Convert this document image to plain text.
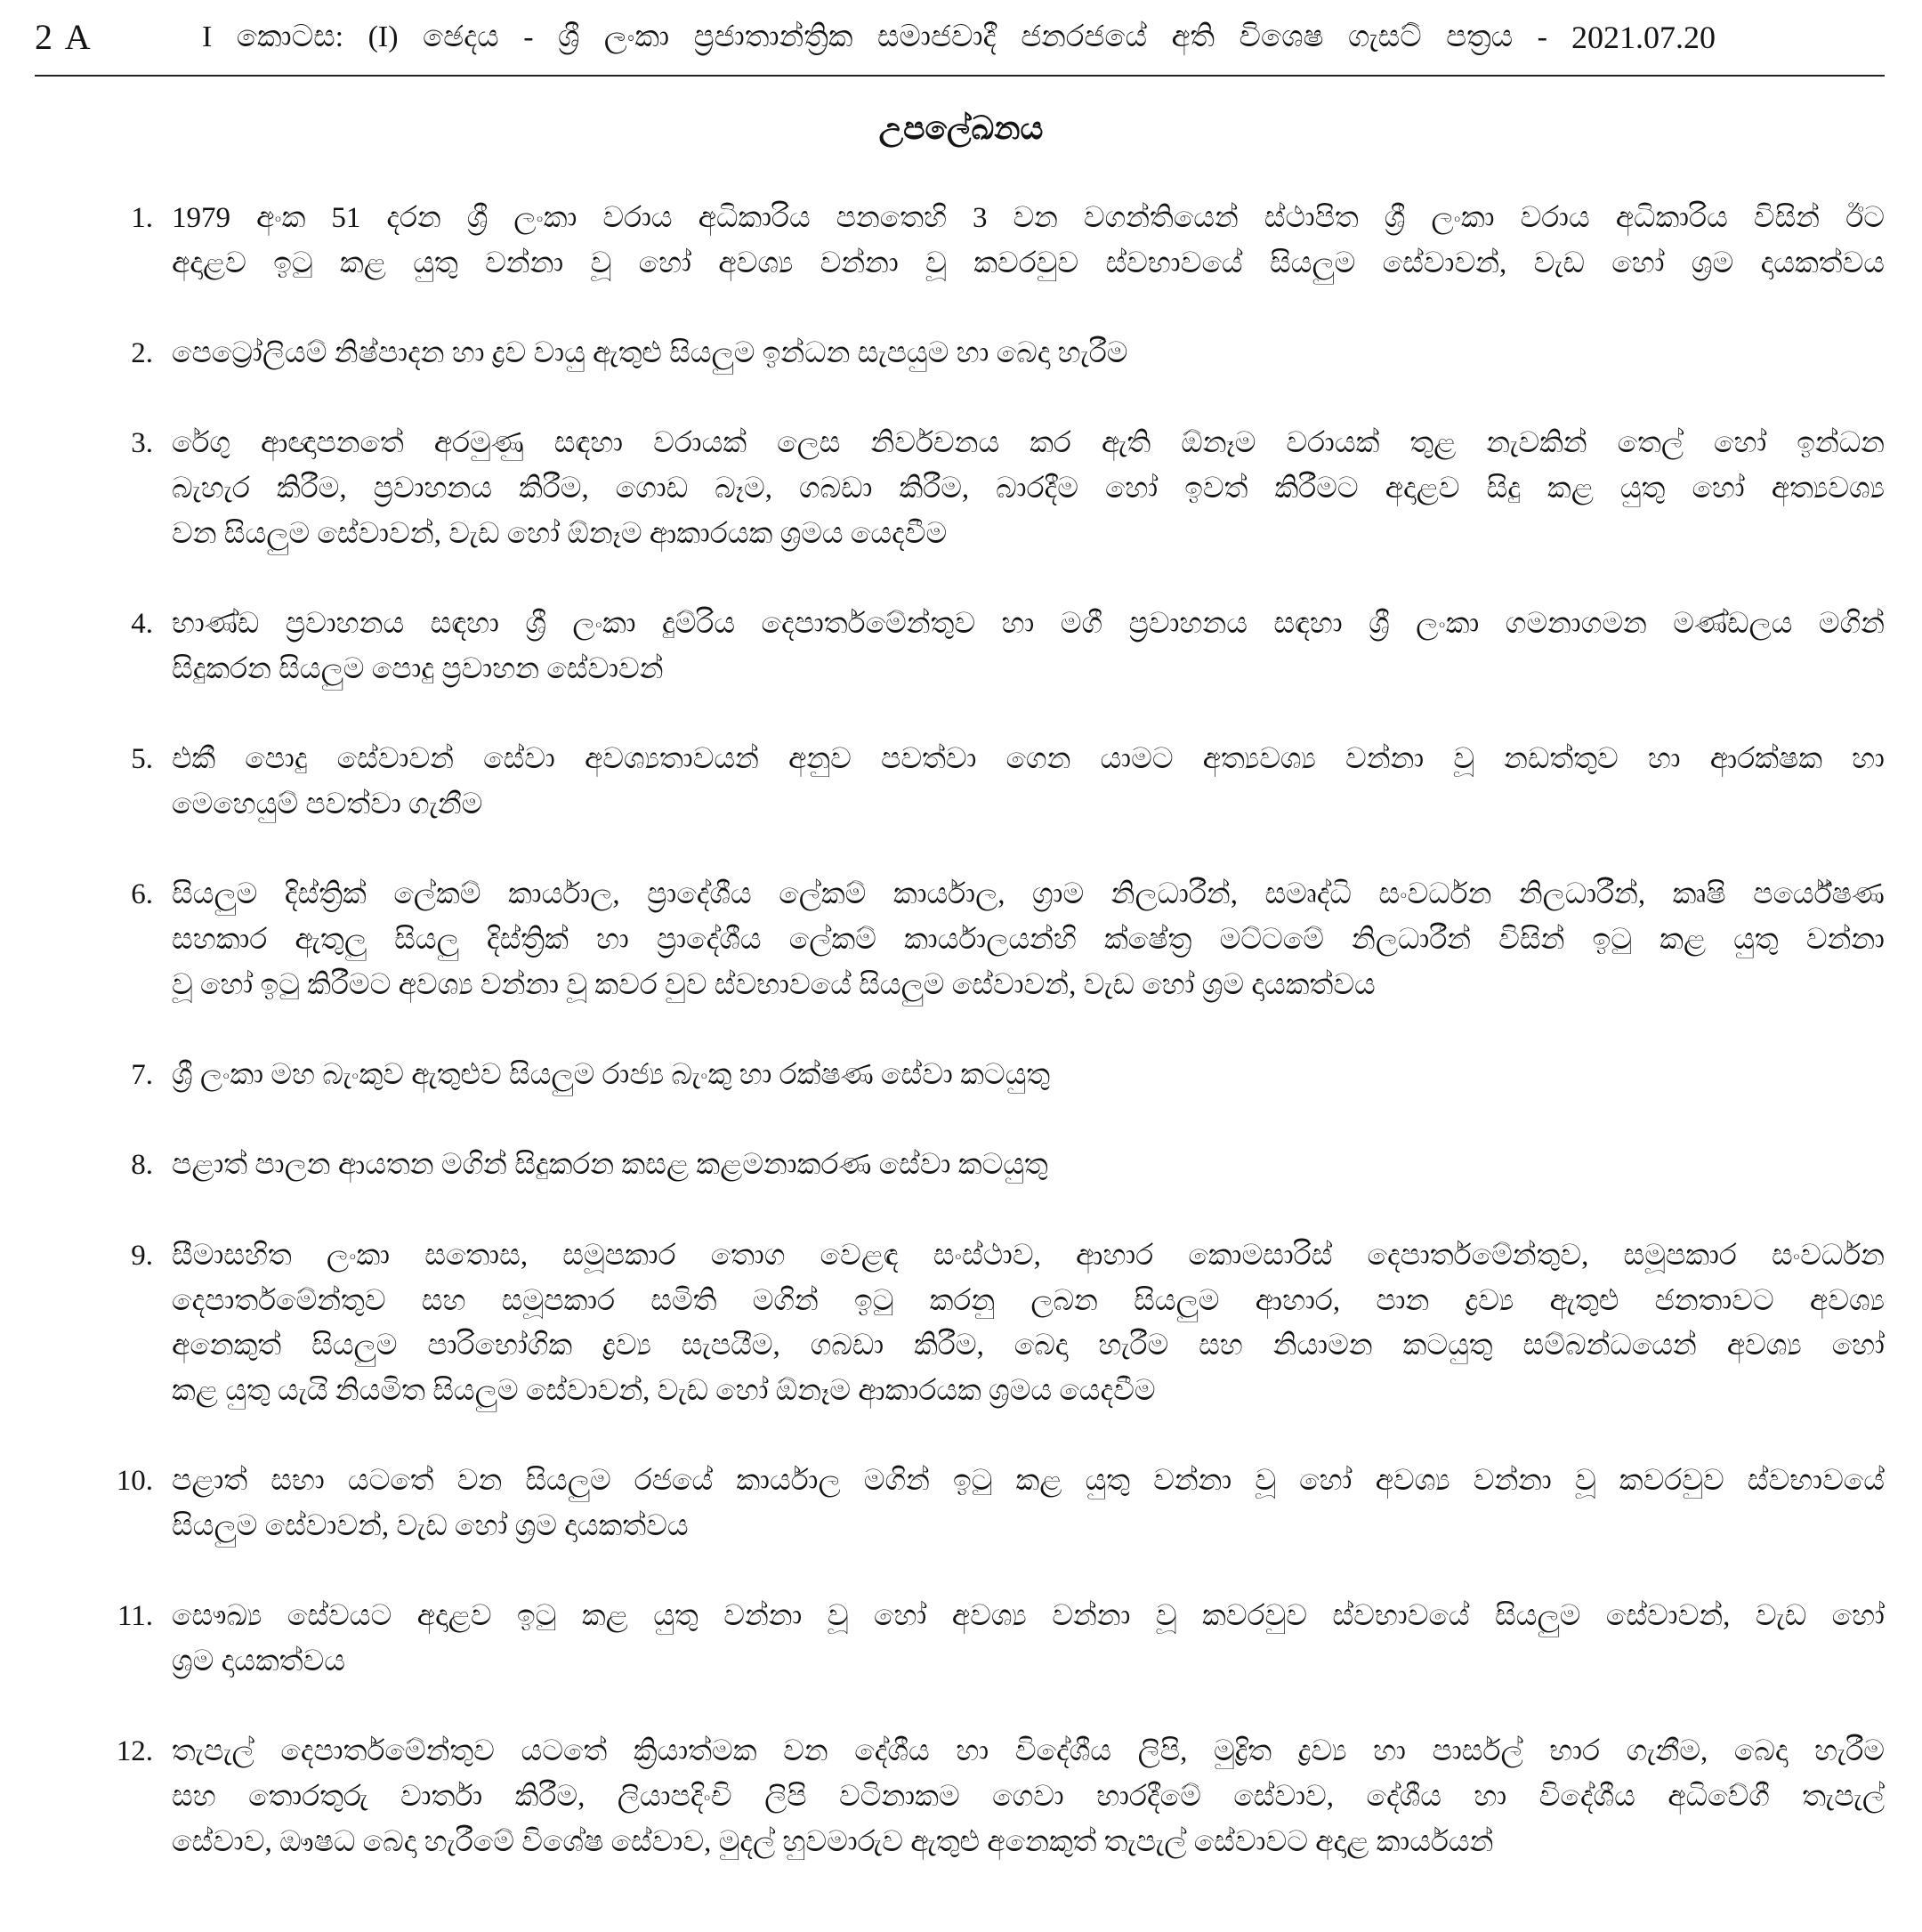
2 A	I කොටස: (I) ඡෙදය - ශ්‍රී ලංකා ප්‍රජාතාන්ත්‍රික සමාජවාදී ජනරජයේ අති විශෙෂ ගැසට් පත්‍රය - 2021.07.20
උපලේඛනය
1. 1979 අංක 51 දරන ශ්‍රී ලංකා වරාය අධිකාරිය පනතෙහි 3 වන වගන්තියෙන් ස්ථාපිත ශ්‍රී ලංකා වරාය අධිකාරිය විසින් ඊට
අදාළව ඉටු කළ යුතු වන්නා වූ හෝ අවශ්‍ය වන්නා වූ කවරවුව ස්වභාවයේ සියලුම සේවාවන්, වැඩ හෝ ශ්‍රම දායකත්වය
2. පෙට්‍රෝලියම් නිෂ්පාදන හා ද්‍රව වායු ඇතුළු සියලුම ඉන්ධන සැපයුම හා බෙදා හැරීම
3. රේගු ආඥාපනතේ අරමුණු සඳහා වරායක් ලෙස නිර්වචනය කර ඇති ඕනෑම වරායක් තුළ නැවකින් තෙල් හෝ ඉන්ධන
බැහැර කිරීම, ප්‍රවාහනය කිරීම, ගොඩ බෑම, ගබඩා කිරීම, බාරදීම හෝ ඉවත් කිරීමට අදාළව සිදු කළ යුතු හෝ අත්‍යවශ්‍ය
වන සියලුම සේවාවන්, වැඩ හෝ ඕනෑම ආකාරයක ශ්‍රමය යෙදවීම
4. භාණ්ඩ ප්‍රවාහනය සඳහා ශ්‍රී ලංකා දුම්රිය දෙපාර්තමේන්තුව හා මගී ප්‍රවාහනය සඳහා ශ්‍රී ලංකා ගමනාගමන මණ්ඩලය මගින්
සිදුකරන සියලුම පොදු ප්‍රවාහන සේවාවන්
5. එකී පොදු සේවාවන් සේවා අවශ්‍යතාවයන් අනුව පවත්වා ගෙන යාමට අත්‍යවශ්‍ය වන්නා වූ නඩත්තුව හා ආරක්ෂක හා
මෙහෙයුම් පවත්වා ගැනීම
6. සියලුම දිස්ත්‍රික් ලේකම් කාර්යාල, ප්‍රාදේශීය ලේකම් කාර්යාල, ග්‍රාම නිලධාරීන්, සමෘද්ධි සංවර්ධන නිලධාරීන්, කෘෂි පර්යේෂණ
සහකාර ඇතුලු සියලු දිස්ත්‍රික් හා ප්‍රාදේශීය ලේකම් කාර්යාලයන්හි ක්ෂේත්‍ර මට්ටමේ නිලධාරීන් විසින් ඉටු කළ යුතු වන්නා
වූ හෝ ඉටු කිරීමට අවශ්‍ය වන්නා වූ කවර වුව ස්වභාවයේ සියලුම සේවාවන්, වැඩ හෝ ශ්‍රම දායකත්වය
7. ශ්‍රී ලංකා මහ බැංකුව ඇතුළුව සියලුම රාජ්‍ය බැංකු හා රක්ෂණ සේවා කටයුතු
8. පළාත් පාලන ආයතන මගින් සිදුකරන කසළ කළමනාකරණ සේවා කටයුතු
9. සීමාසහිත ලංකා සතොස, සමූපකාර තොග වෙළඳ සංස්ථාව, ආහාර කොමසාරිස් දෙපාර්තමේන්තුව, සමූපකාර සංවර්ධන
දෙපාර්තමේන්තුව සහ සමූපකාර සමිති මගින් ඉටු කරනු ලබන සියලුම ආහාර, පාන ද්‍රව්‍ය ඇතුළු ජනතාවට අවශ්‍ය
අනෙකුත් සියලුම පාරිභෝගික ද්‍රව්‍ය සැපයීම, ගබඩා කිරීම, බෙදා හැරීම සහ නියාමන කටයුතු සම්බන්ධයෙන් අවශ්‍ය හෝ
කළ යුතු යැයි නියමිත සියලුම සේවාවන්, වැඩ හෝ ඕනෑම ආකාරයක ශ්‍රමය යෙදවීම
10. පළාත් සභා යටතේ වන සියලුම රජයේ කාර්යාල මගින් ඉටු කළ යුතු වන්නා වූ හෝ අවශ්‍ය වන්නා වූ කවරවුව ස්වභාවයේ
සියලුම සේවාවන්, වැඩ හෝ ශ්‍රම දායකත්වය
11. සෞඛ්‍ය සේවයට අදාළව ඉටු කළ යුතු වන්නා වූ හෝ අවශ්‍ය වන්නා වූ කවරවුව ස්වභාවයේ සියලුම සේවාවන්, වැඩ හෝ
ශ්‍රම දායකත්වය
12. තැපැල් දෙපාර්තමේන්තුව යටතේ ක්‍රියාත්මක වන දේශීය හා විදේශීය ලිපි, මුද්‍රිත ද්‍රව්‍ය හා පාර්සල් භාර ගැනීම, බෙදා හැරීම
සහ තොරතුරු වාර්තා කිරීම, ලියාපදිංචි ලිපි වටිනාකම ගෙවා භාරදීමේ සේවාව, දේශීය හා විදේශීය අධිවේගී තැපැල්
සේවාව, ඖෂධ බෙදා හැරීමේ විශේෂ සේවාව, මුදල් හුවමාරුව ඇතුළු අනෙකුත් තැපැල් සේවාවට අදාළ කාර්යයන්
